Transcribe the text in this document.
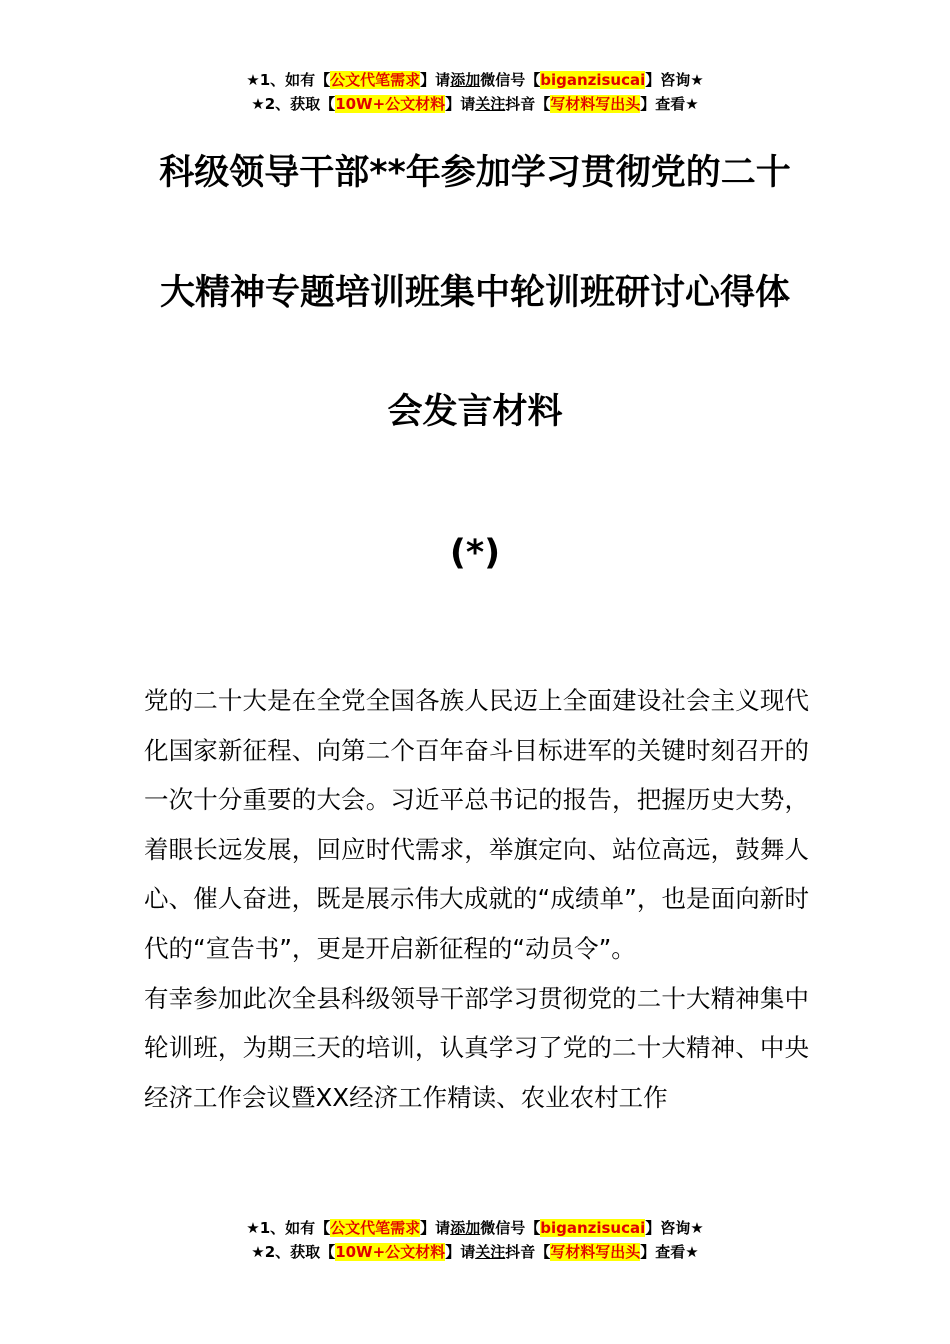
★1、如有【公文代笔需求】请添加微信号【biganzisucai】咨询★
★2、获取【10W+公文材料】请关注抖音【写材料写出头】查看★
科级领导干部**年参加学习贯彻党的二十
大精神专题培训班集中轮训班研讨心得体
会发言材料
(*)

党的二十大是在全党全国各族人民迈上全面建设社会主义现代化国家新征程、向第二个百年奋斗目标进军的关键时刻召开的一次十分重要的大会。习近平总书记的报告，把握历史大势，着眼长远发展，回应时代需求，举旗定向、站位高远，鼓舞人心、催人奋进，既是展示伟大成就的“成绩单”，也是面向新时代的“宣告书”，更是开启新征程的“动员令”。

有幸参加此次全县科级领导干部学习贯彻党的二十大精神集中轮训班，为期三天的培训，认真学习了党的二十大精神、中央经济工作会议暨XX经济工作精读、农业农村工作

★1、如有【公文代笔需求】请添加微信号【biganzisucai】咨询★
★2、获取【10W+公文材料】请关注抖音【写材料写出头】查看★
